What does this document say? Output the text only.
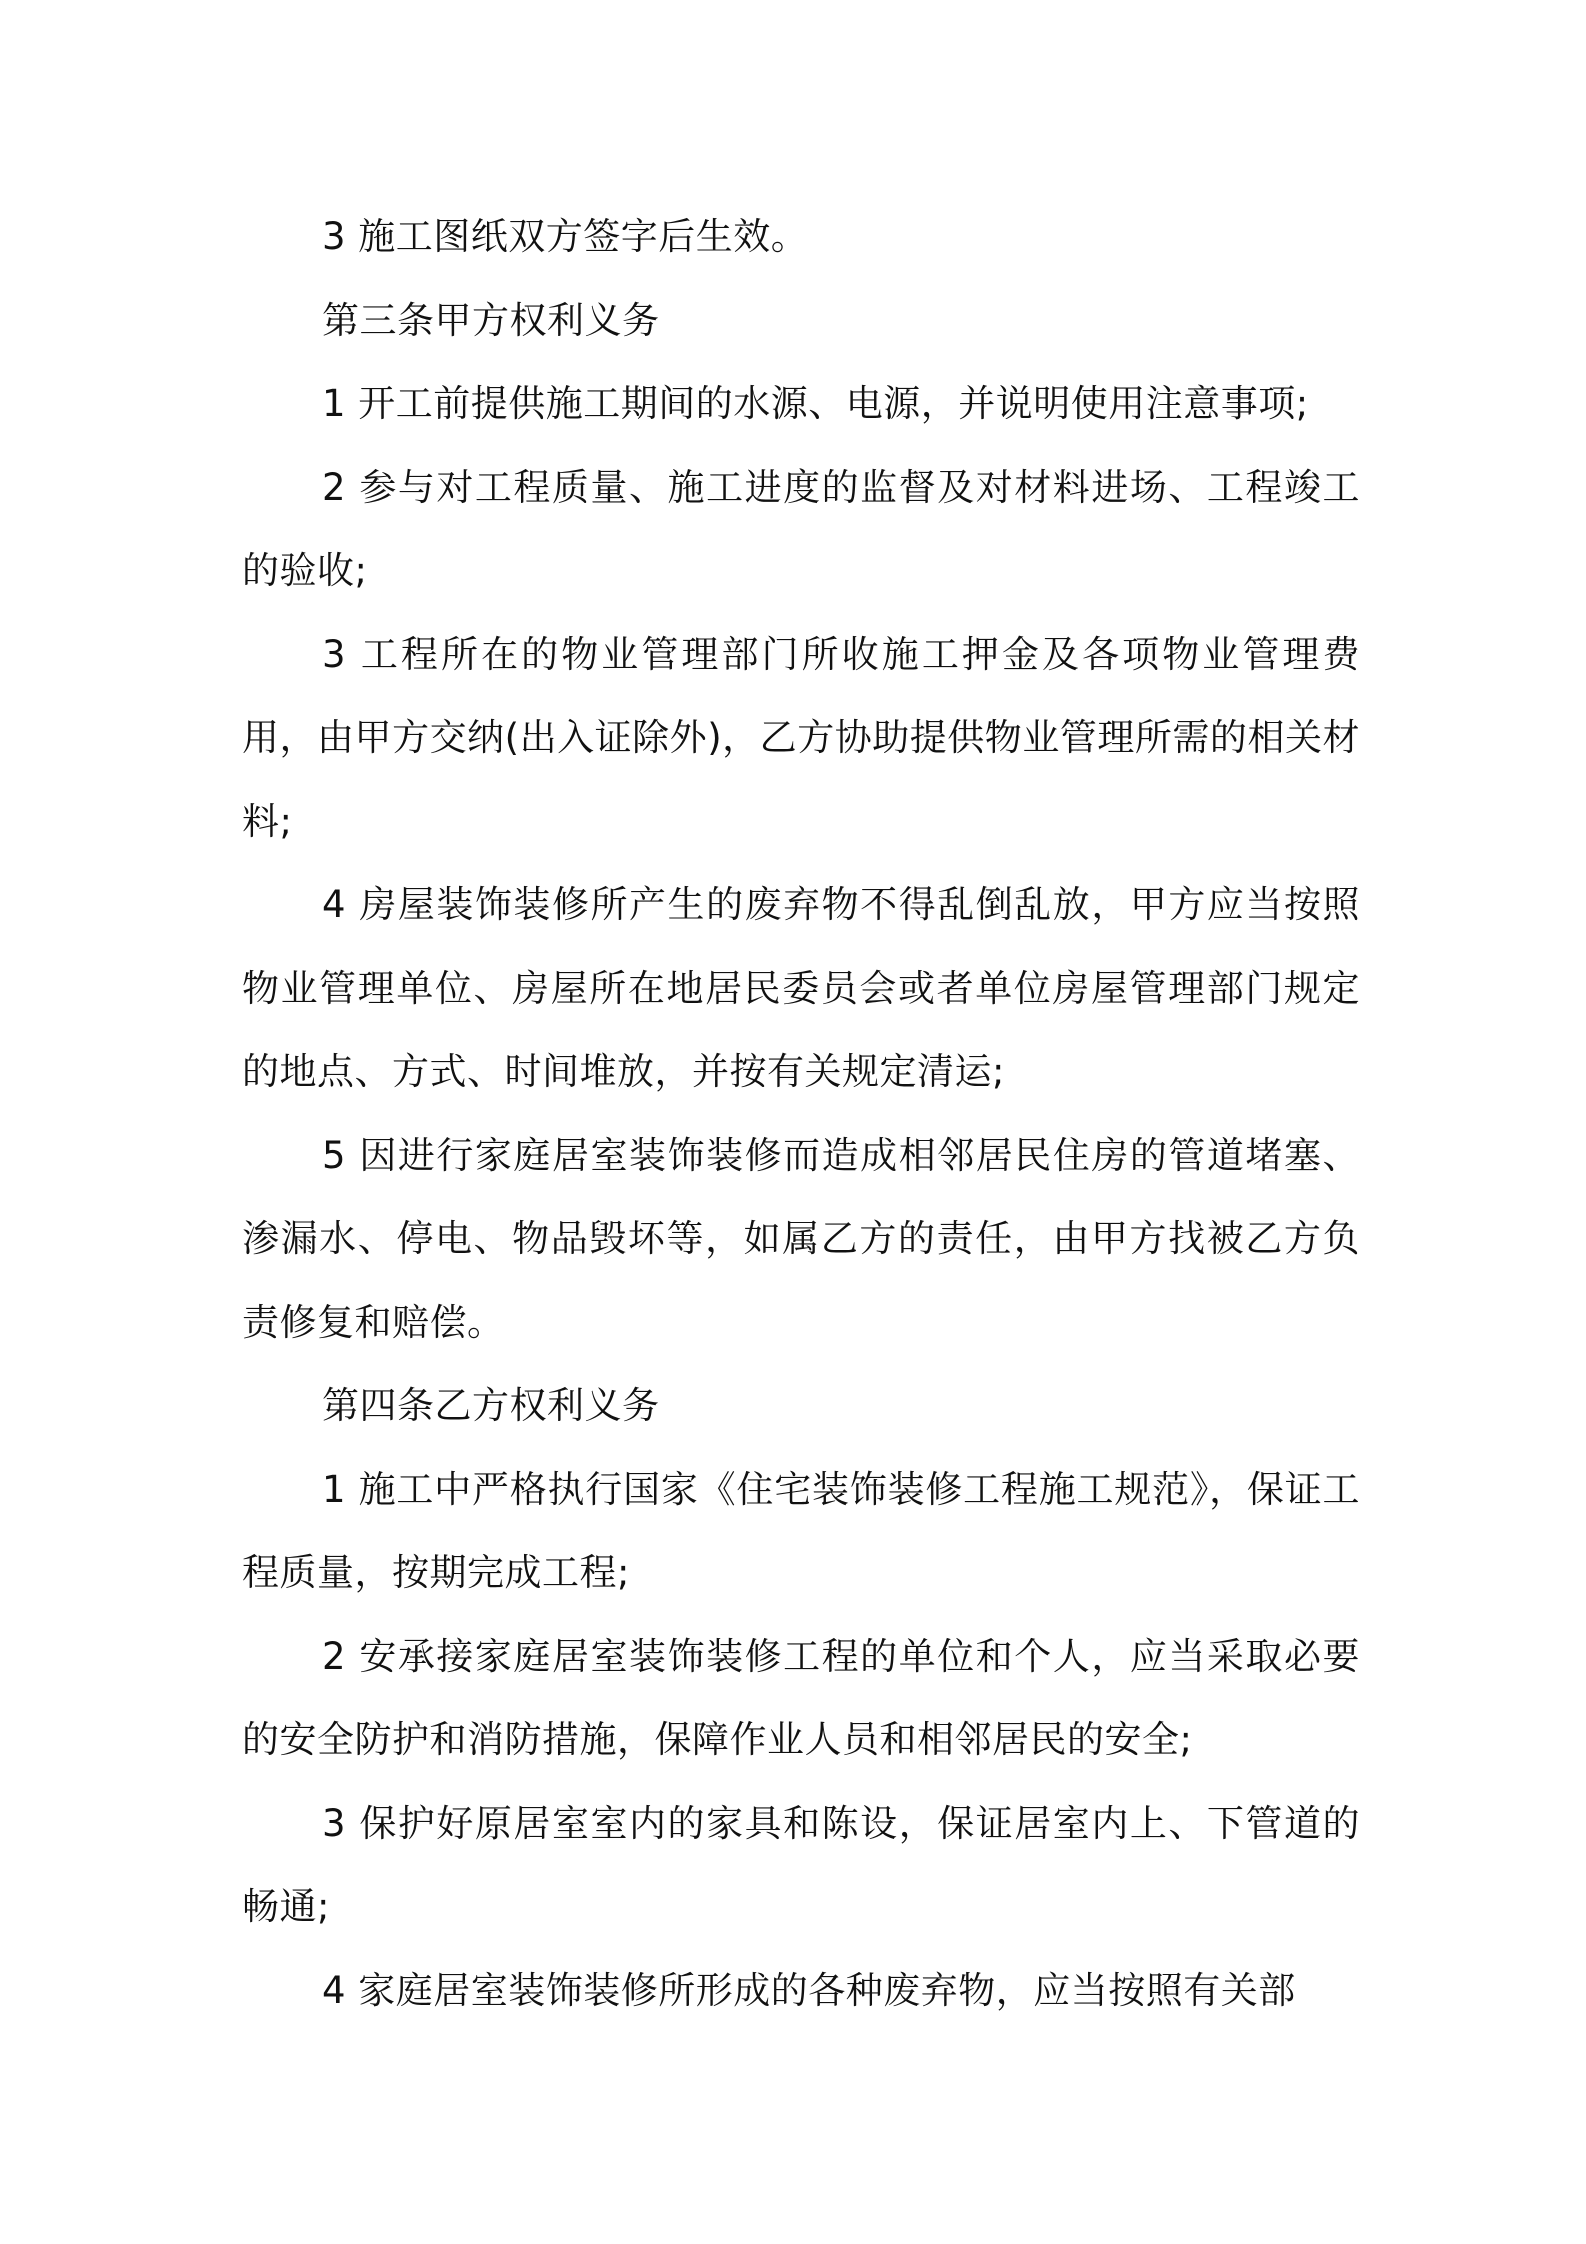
3 施工图纸双方签字后生效。

第三条甲方权利义务

1 开工前提供施工期间的水源、电源，并说明使用注意事项;

2 参与对工程质量、施工进度的监督及对材料进场、工程竣工的验收;

3 工程所在的物业管理部门所收施工押金及各项物业管理费用，由甲方交纳(出入证除外)，乙方协助提供物业管理所需的相关材料;

4 房屋装饰装修所产生的废弃物不得乱倒乱放，甲方应当按照物业管理单位、房屋所在地居民委员会或者单位房屋管理部门规定的地点、方式、时间堆放，并按有关规定清运;

5 因进行家庭居室装饰装修而造成相邻居民住房的管道堵塞、渗漏水、停电、物品毁坏等，如属乙方的责任，由甲方找被乙方负责修复和赔偿。

第四条乙方权利义务

1 施工中严格执行国家《住宅装饰装修工程施工规范》，保证工程质量，按期完成工程;

2 安承接家庭居室装饰装修工程的单位和个人，应当采取必要的安全防护和消防措施，保障作业人员和相邻居民的安全;

3 保护好原居室室内的家具和陈设，保证居室内上、下管道的畅通;

4 家庭居室装饰装修所形成的各种废弃物，应当按照有关部
